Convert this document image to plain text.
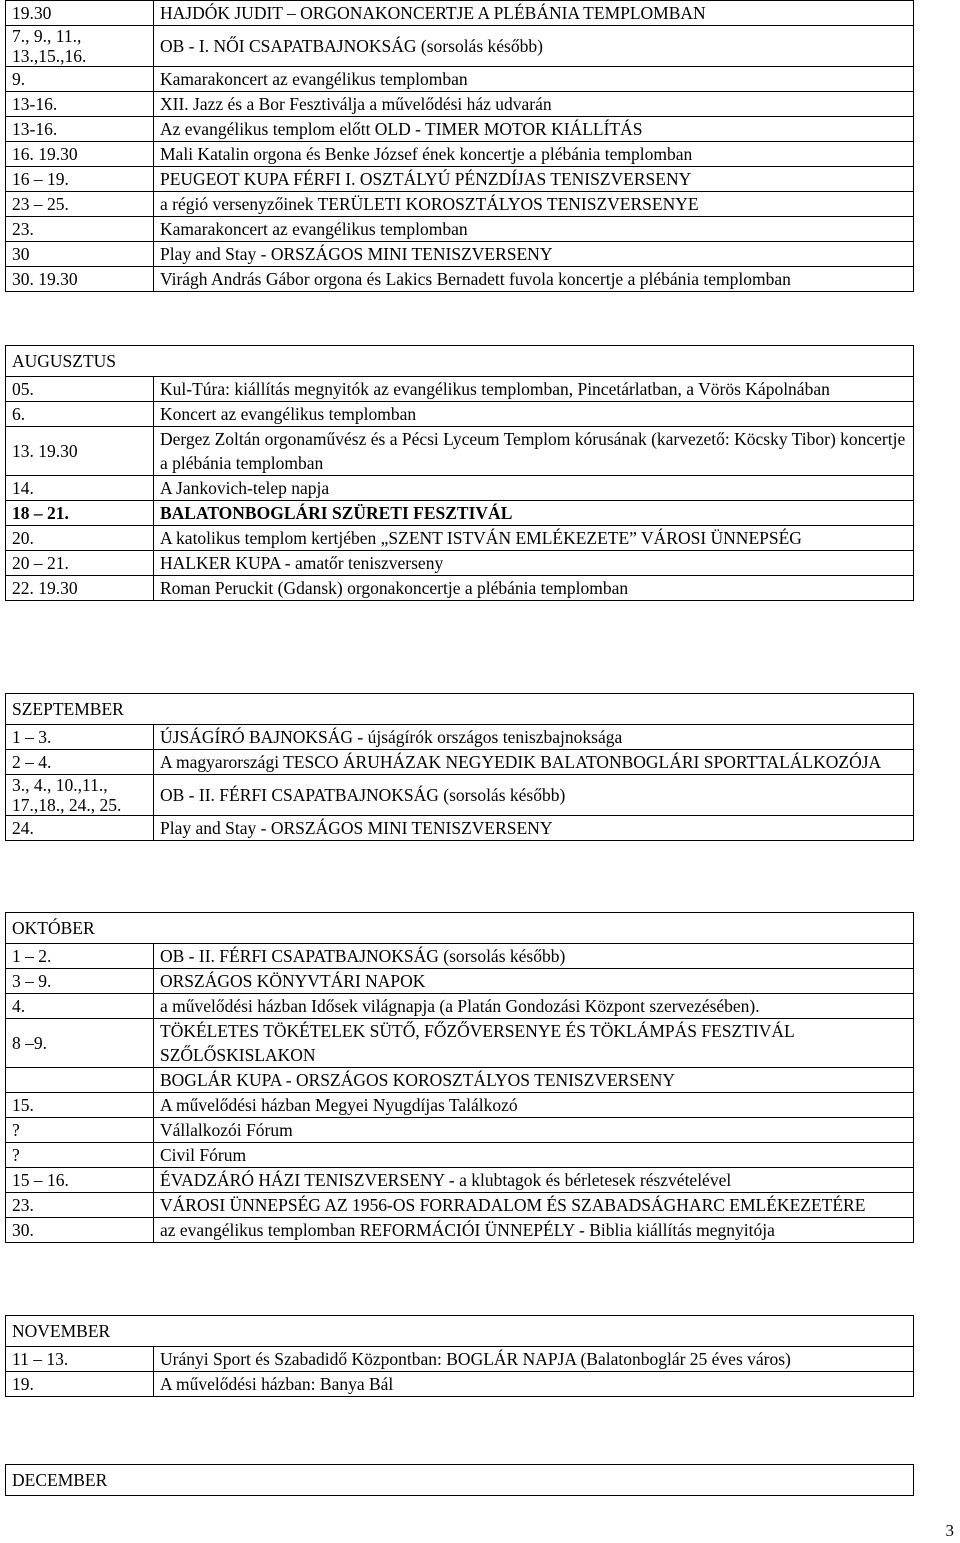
19.30	HAJDÓK JUDIT – ORGONAKONCERTJE A PLÉBÁNIA TEMPLOMBAN
7., 9., 11., 13.,15.,16.	OB - I. NŐI CSAPATBAJNOKSÁG (sorsolás később)
9.	Kamarakoncert az evangélikus templomban
13-16.	XII. Jazz és a Bor Fesztiválja a művelődési ház udvarán
13-16.	Az evangélikus templom előtt OLD - TIMER MOTOR KIÁLLÍTÁS
16. 19.30	Mali Katalin orgona és Benke József ének koncertje a plébánia templomban
16 – 19.	PEUGEOT KUPA FÉRFI I. OSZTÁLYÚ PÉNZDÍJAS TENISZVERSENY
23 – 25.	a régió versenyzőinek TERÜLETI KOROSZTÁLYOS TENISZVERSENYE
23.	Kamarakoncert az evangélikus templomban
30	Play and Stay - ORSZÁGOS MINI TENISZVERSENY
30. 19.30	Virágh András Gábor orgona és Lakics Bernadett fuvola koncertje a plébánia templomban
AUGUSZTUS	
05.	Kul-Túra: kiállítás megnyitók az evangélikus templomban, Pincetárlatban, a Vörös Kápolnában
6.	Koncert az evangélikus templomban
13. 19.30	Dergez Zoltán orgonaművész és a Pécsi Lyceum Templom kórusának (karvezető: Köcsky Tibor) koncertje a plébánia templomban
14.	A Jankovich-telep napja
18 – 21.	BALATONBOGLÁRI SZÜRETI FESZTIVÁL
20.	A katolikus templom kertjében „SZENT ISTVÁN EMLÉKEZETE” VÁROSI ÜNNEPSÉG
20 – 21.	HALKER KUPA - amatőr teniszverseny
22. 19.30	Roman Peruckit (Gdansk) orgonakoncertje a plébánia templomban
SZEPTEMBER	
1 – 3.	ÚJSÁGÍRÓ BAJNOKSÁG - újságírók országos teniszbajnoksága
2 – 4.	A magyarországi TESCO ÁRUHÁZAK NEGYEDIK BALATONBOGLÁRI SPORTTALÁLKOZÓJA
3., 4., 10.,11., 17.,18., 24., 25.	OB - II. FÉRFI CSAPATBAJNOKSÁG (sorsolás később)
24.	Play and Stay - ORSZÁGOS MINI TENISZVERSENY
OKTÓBER	
1 – 2.	OB - II. FÉRFI CSAPATBAJNOKSÁG (sorsolás később)
3 – 9.	ORSZÁGOS KÖNYVTÁRI NAPOK
4.	a művelődési házban Idősek világnapja (a Platán Gondozási Központ szervezésében).
8 –9.	TÖKÉLETES TÖKÉTELEK SÜTŐ, FŐZŐVERSENYE ÉS TÖKLÁMPÁS FESZTIVÁL SZŐLŐSKISLAKON
	BOGLÁR KUPA - ORSZÁGOS KOROSZTÁLYOS TENISZVERSENY
15.	A művelődési házban Megyei Nyugdíjas Találkozó
?	Vállalkozói Fórum
?	Civil Fórum
15 – 16.	ÉVADZÁRÓ HÁZI TENISZVERSENY - a klubtagok és bérletesek részvételével
23.	VÁROSI ÜNNEPSÉG AZ 1956-OS FORRADALOM ÉS SZABADSÁGHARC EMLÉKEZETÉRE
30.	az evangélikus templomban REFORMÁCIÓI ÜNNEPÉLY - Biblia kiállítás megnyitója
NOVEMBER	
11 – 13.	Urányi Sport és Szabadidő Központban: BOGLÁR NAPJA (Balatonboglár 25 éves város)
19.	A művelődési házban: Banya Bál
DECEMBER
3
